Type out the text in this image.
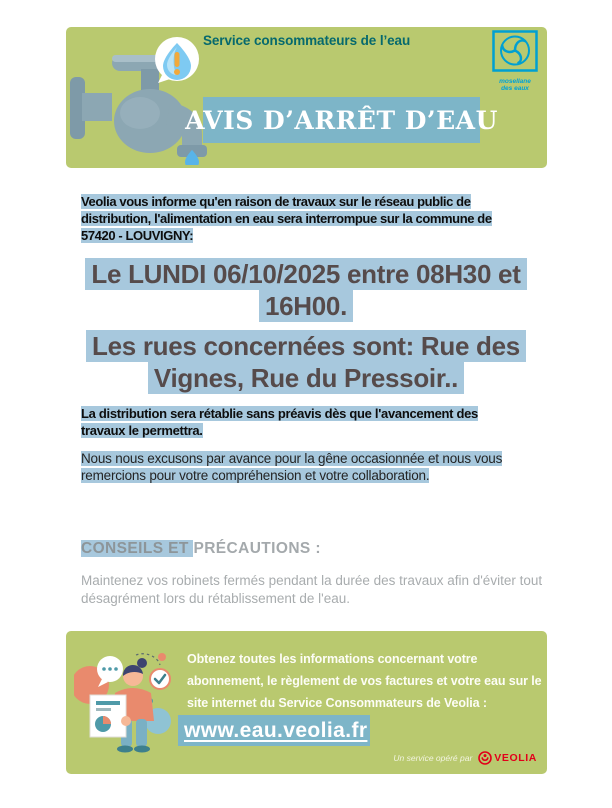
Service consommateurs de l’eau
AVIS D’ARRÊT D’EAU
mosellane
des eaux
Veolia vous informe qu'en raison de travaux sur le réseau public de
distribution, l'alimentation en eau sera interrompue sur la commune de
57420 - LOUVIGNY:
Le LUNDI 06/10/2025 entre 08H30 et
16H00.
Les rues concernées sont: Rue des
Vignes, Rue du Pressoir..
La distribution sera rétablie sans préavis dès que l'avancement des
travaux le permettra.
Nous nous excusons par avance pour la gêne occasionnée et nous vous
remercions pour votre compréhension et votre collaboration.
CONSEILS ET PRÉCAUTIONS :
Maintenez vos robinets fermés pendant la durée des travaux afin d'éviter tout
désagrément lors du rétablissement de l'eau.
Obtenez toutes les informations concernant votre
abonnement, le règlement de vos factures et votre eau sur le
site internet du Service Consommateurs de Veolia :
www.eau.veolia.fr
Un service opéré par VEOLIA
